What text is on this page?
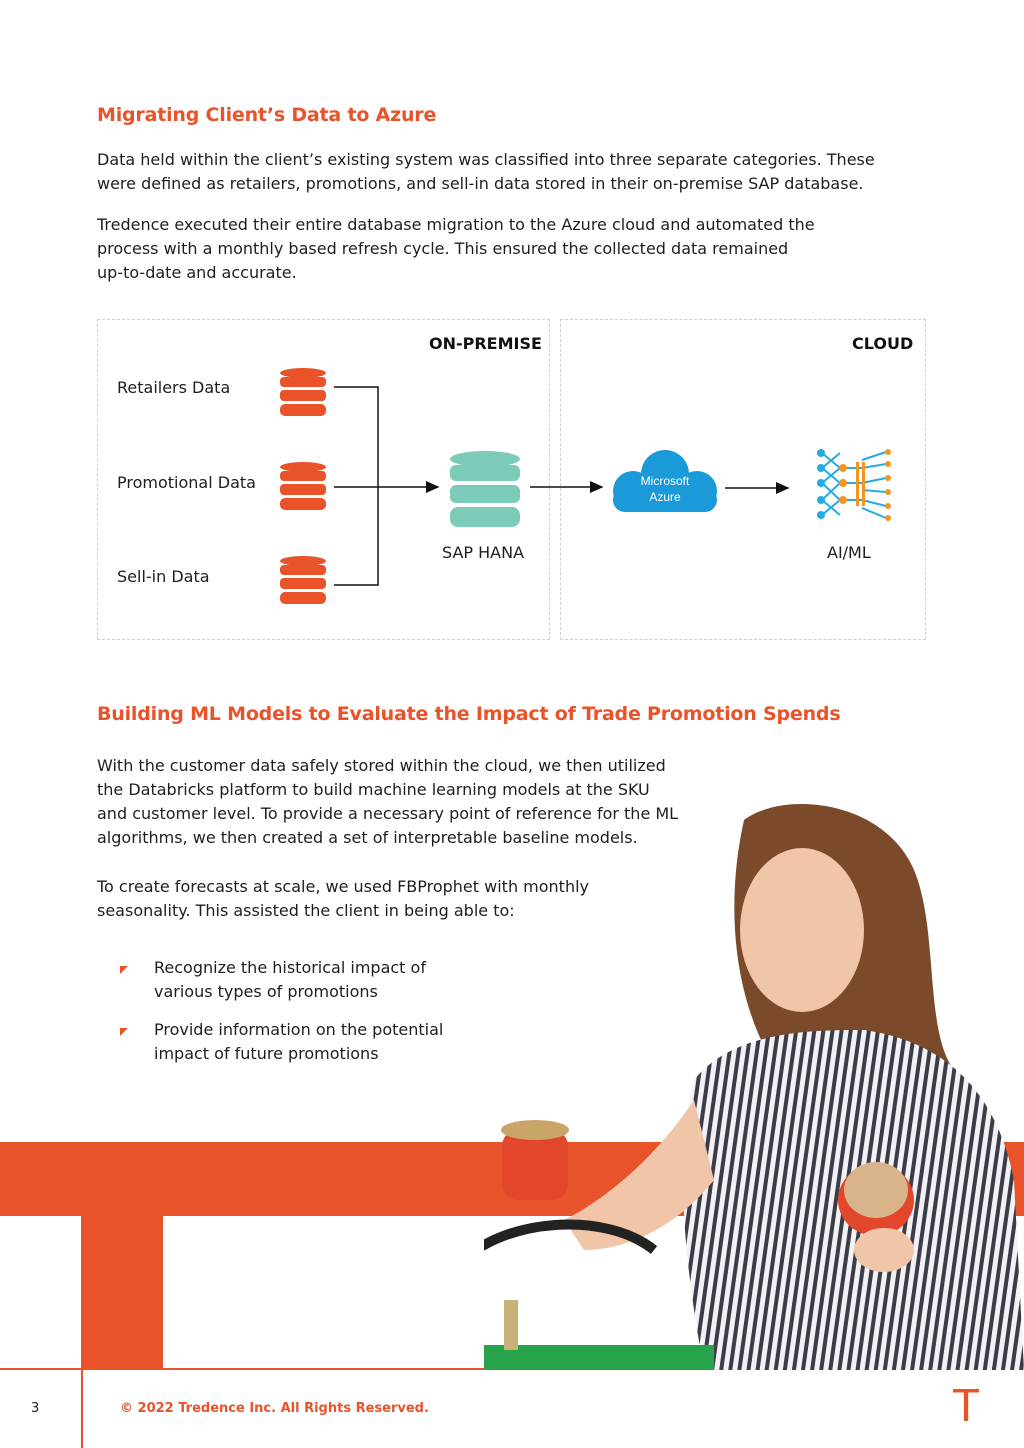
Migrating Client’s Data to Azure
Data held within the client’s existing system was classified into three separate categories. These
were defined as retailers, promotions, and sell-in data stored in their on-premise SAP database.
Tredence executed their entire database migration to the Azure cloud and automated the
process with a monthly based refresh cycle. This ensured the collected data remained
up-to-date and accurate.
ON-PREMISE	CLOUD
Retailers Data
Promotional Data
Sell-in Data
SAP HANA	AI/ML
Microsoft
Azure
Building ML Models to Evaluate the Impact of Trade Promotion Spends
With the customer data safely stored within the cloud, we then utilized
the Databricks platform to build machine learning models at the SKU
and customer level. To provide a necessary point of reference for the ML
algorithms, we then created a set of interpretable baseline models.
To create forecasts at scale, we used FBProphet with monthly
seasonality. This assisted the client in being able to:
Recognize the historical impact of
various types of promotions
Provide information on the potential
impact of future promotions
3	© 2022 Tredence Inc. All Rights Reserved.	T
